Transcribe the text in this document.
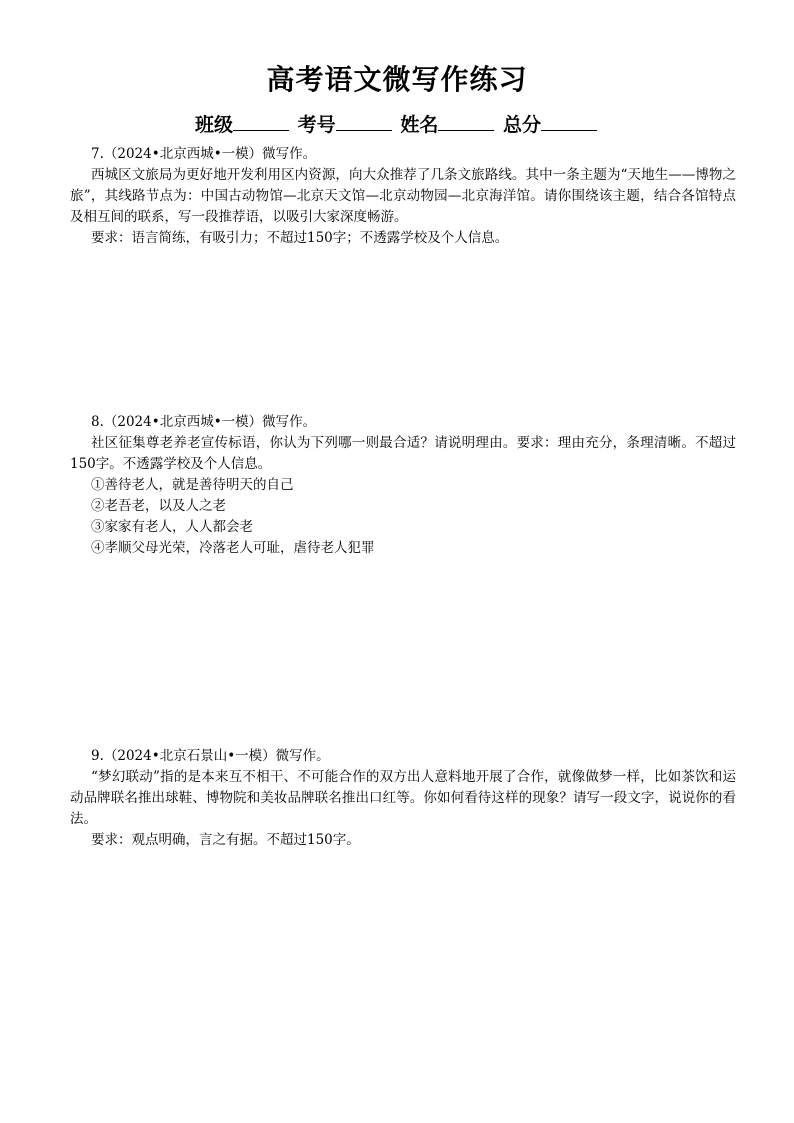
高考语文微写作练习
班级	考号	姓名	总分

7.（2024•北京西城•一模）微写作。

西城区文旅局为更好地开发利用区内资源，向大众推荐了几条文旅路线。其中一条主题为“天地生——博物之旅”，其线路节点为：中国古动物馆—北京天文馆—北京动物园—北京海洋馆。请你围绕该主题，结合各馆特点及相互间的联系，写一段推荐语，以吸引大家深度畅游。

要求：语言简练，有吸引力；不超过150字；不透露学校及个人信息。

8.（2024•北京西城•一模）微写作。

社区征集尊老养老宣传标语，你认为下列哪一则最合适？请说明理由。要求：理由充分，条理清晰。不超过150字。不透露学校及个人信息。

①善待老人，就是善待明天的自己

②老吾老，以及人之老

③家家有老人，人人都会老

④孝顺父母光荣，冷落老人可耻，虐待老人犯罪

9.（2024•北京石景山•一模）微写作。

“梦幻联动”指的是本来互不相干、不可能合作的双方出人意料地开展了合作，就像做梦一样，比如茶饮和运动品牌联名推出球鞋、博物院和美妆品牌联名推出口红等。你如何看待这样的现象？请写一段文字，说说你的看法。

要求：观点明确，言之有据。不超过150字。
